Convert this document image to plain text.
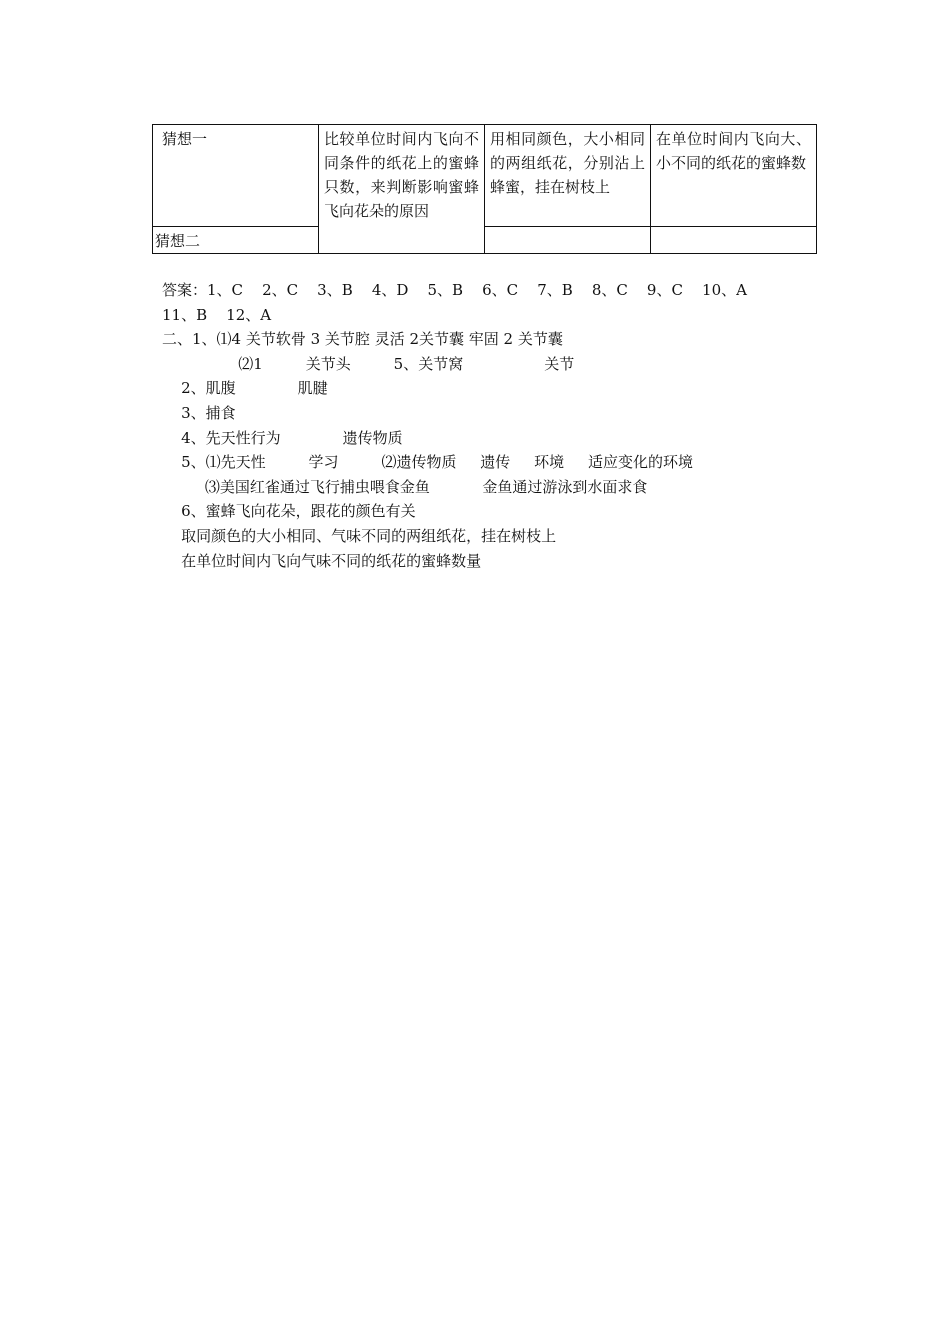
猜想一	比较单位时间内飞向不同条件的纸花上的蜜蜂只数，来判断影响蜜蜂飞向花朵的原因	用相同颜色，大小相同的两组纸花，分别沾上蜂蜜，挂在树枝上	在单位时间内飞向大、小不同的纸花的蜜蜂数
猜想二			
答案：1、C    2、C    3、B    4、D    5、B    6、C    7、B    8、C    9、C    10、A
11、B    12、A
二、1、⑴4 关节软骨 3 关节腔 灵活 2关节囊 牢固 2 关节囊
⑵1         关节头         5、关节窝                 关节
2、肌腹             肌腱
3、捕食
4、先天性行为             遗传物质
5、⑴先天性         学习         ⑵遗传物质     遗传     环境     适应变化的环境
⑶美国红雀通过飞行捕虫喂食金鱼           金鱼通过游泳到水面求食
6、蜜蜂飞向花朵，跟花的颜色有关
取同颜色的大小相同、气味不同的两组纸花，挂在树枝上
在单位时间内飞向气味不同的纸花的蜜蜂数量
